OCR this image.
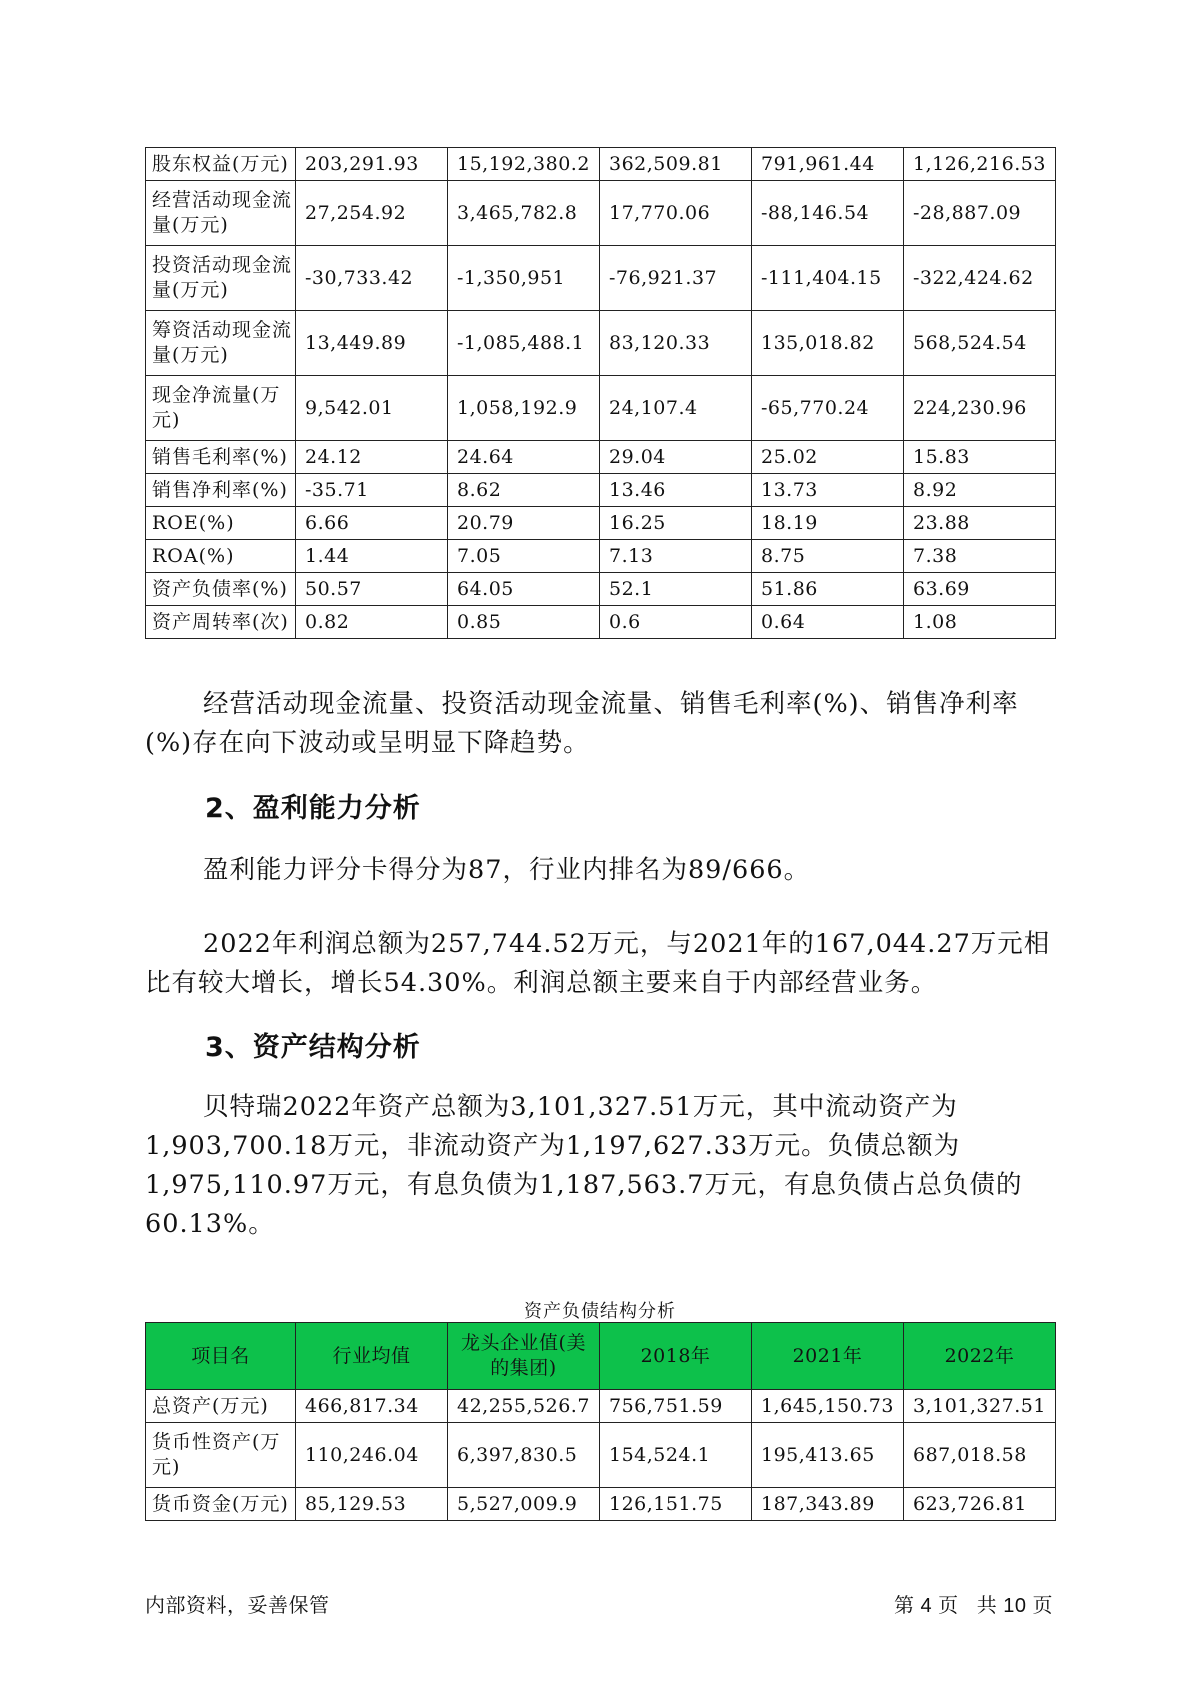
股东权益(万元)	203,291.93	15,192,380.2	362,509.81	791,961.44	1,126,216.53
经营活动现金流量(万元)	27,254.92	3,465,782.8	17,770.06	-88,146.54	-28,887.09
投资活动现金流量(万元)	-30,733.42	-1,350,951	-76,921.37	-111,404.15	-322,424.62
筹资活动现金流量(万元)	13,449.89	-1,085,488.1	83,120.33	135,018.82	568,524.54
现金净流量(万元)	9,542.01	1,058,192.9	24,107.4	-65,770.24	224,230.96
销售毛利率(%)	24.12	24.64	29.04	25.02	15.83
销售净利率(%)	-35.71	8.62	13.46	13.73	8.92
ROE(%)	6.66	20.79	16.25	18.19	23.88
ROA(%)	1.44	7.05	7.13	8.75	7.38
资产负债率(%)	50.57	64.05	52.1	51.86	63.69
资产周转率(次)	0.82	0.85	0.6	0.64	1.08

经营活动现金流量、投资活动现金流量、销售毛利率(%)、销售净利率(%)存在向下波动或呈明显下降趋势。

2、盈利能力分析

盈利能力评分卡得分为87，行业内排名为89/666。

2022年利润总额为257,744.52万元，与2021年的167,044.27万元相比有较大增长，增长54.30%。利润总额主要来自于内部经营业务。

3、资产结构分析

贝特瑞2022年资产总额为3,101,327.51万元，其中流动资产为1,903,700.18万元，非流动资产为1,197,627.33万元。负债总额为1,975,110.97万元，有息负债为1,187,563.7万元，有息负债占总负债的60.13%。

资产负债结构分析
项目名	行业均值	龙头企业值(美的集团)	2018年	2021年	2022年
总资产(万元)	466,817.34	42,255,526.7	756,751.59	1,645,150.73	3,101,327.51
货币性资产(万元)	110,246.04	6,397,830.5	154,524.1	195,413.65	687,018.58
货币资金(万元)	85,129.53	5,527,009.9	126,151.75	187,343.89	623,726.81
内部资料，妥善保管	第 4 页 共 10 页
